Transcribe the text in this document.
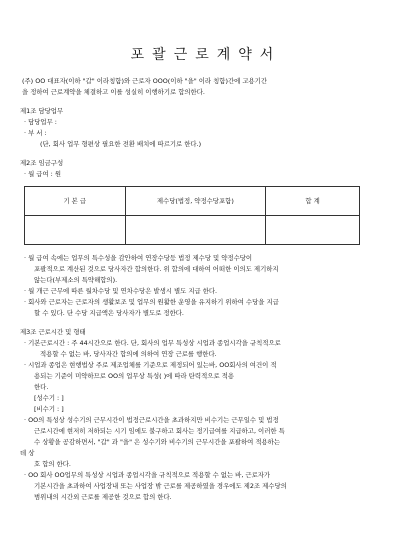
포괄근로계약서
(주) OO 대표자(이하 "갑" 이라칭함)와 근로자 OOO(이하 "을" 이라 칭함)간에 고용기간
을 정하여 근로계약을 체결하고 이를 성실히 이행하기로 합의한다.
제1조 담당업무
· 담당업무 :
· 부 서 :
(단, 회사 업무 형편상 필요한 전환 배치에 따르기로 한다.)
제2조 임금구성
· 월 급여 : 원
기 본 급	제수당(법정, 약정수당포함)	합 계

· 월 급여 속에는 업무의 특수성을 감안하여 연장수당등 법정 제수당 및 약정수당이
포괄적으로 계산된 것으로 당사자간 합의한다. 위 합의에 대하여 어떠한 이의도 제기하지
않는다(부제소의 특약해합의).
· 월 개근 근무에 따른 월차수당 및 연차수당은 발생시 별도 지급 한다.
· 회사와 근로자는 근로자의 생활보조 및 업무의 원활한 운영을 유지하기 위하여 수당을 지급
할 수 있다. 단 수당 지급액은 당사자가 별도로 정한다.
제3조 근로시간 및 형태
· 기본근로시간 : 주 44시간으로 한다. 단, 회사의 업무 특성상 시업과 종업시각을 규칙적으로
적용할 수 없는 바, 당사자간 합의에 의하여 연장 근로를 행한다.
· 시업과 종업은 현행법상 주로 제조업체를 기준으로 제정되어 있는바, OO회사의 여건이 적
용되는 기준이 미약하므로 OO의 업무상 특성( )에 따라 탄력적으로 적용
한다.
[성수기 : ]
[비수기 : ]
· OO의 특성상 성수기의 근무시간이 법정근로시간을 초과하지만 비수기는 근무일수 및 법정
근로시간에 현저히 저하되는 시기 임에도 불구하고 회사는 정기급여를 지급하고, 이러한 특
수 상황을 공감하면서, "갑" 과 "을" 은 성수기와 비수기의 근무시간을 포괄하여 적용하는
데 상
호 합의 한다.
· OO 회사 OO업무의 특성상 시업과 종업시각을 규칙적으로 적용할 수 없는 바, 근로자가
기본시간을 초과하여 사업장내 또는 사업장 밖 근로를 제공하였을 경우에도 제2조 제수당의
범위내의 시간외 근로를 제공한 것으로 합의 한다.
